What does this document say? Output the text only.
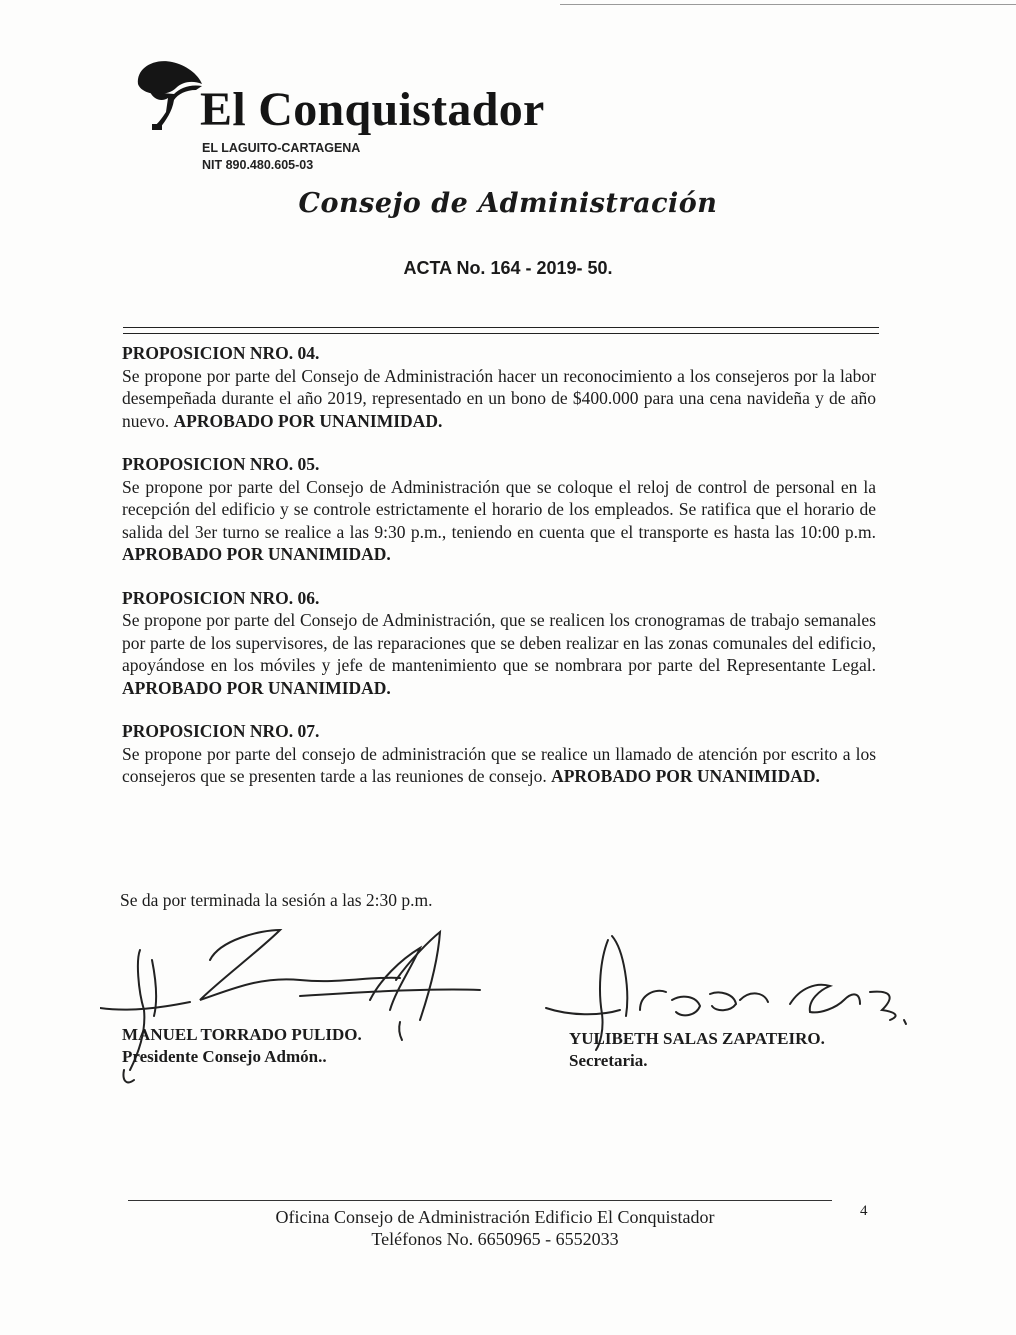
El Conquistador
EL LAGUITO-CARTAGENA
NIT 890.480.605-03
Consejo de Administración
ACTA No. 164 - 2019- 50.
PROPOSICION NRO. 04.

Se propone por parte del Consejo de Administración hacer un reconocimiento a los consejeros por la labor desempeñada durante el año 2019, representado en un bono de $400.000 para una cena navideña y de año nuevo. APROBADO POR UNANIMIDAD.

PROPOSICION NRO. 05.

Se propone por parte del Consejo de Administración que se coloque el reloj de control de personal en la recepción del edificio y se controle estrictamente el horario de los empleados. Se ratifica que el horario de salida del 3er turno se realice a las 9:30 p.m., teniendo en cuenta que el transporte es hasta las 10:00 p.m. APROBADO POR UNANIMIDAD.

PROPOSICION NRO. 06.

Se propone por parte del Consejo de Administración, que se realicen los cronogramas de trabajo semanales por parte de los supervisores, de las reparaciones que se deben realizar en las zonas comunales del edificio, apoyándose en los móviles y jefe de mantenimiento que se nombrara por parte del Representante Legal. APROBADO POR UNANIMIDAD.

PROPOSICION NRO. 07.

Se propone por parte del consejo de administración que se realice un llamado de atención por escrito a los consejeros que se presenten tarde a las reuniones de consejo. APROBADO POR UNANIMIDAD.

Se da por terminada la sesión a las 2:30 p.m.
MANUEL TORRADO PULIDO.
Presidente Consejo Admón..
YULIBETH SALAS ZAPATEIRO.
Secretaria.
Oficina Consejo de Administración Edificio El Conquistador
Teléfonos No. 6650965 - 6552033
4
